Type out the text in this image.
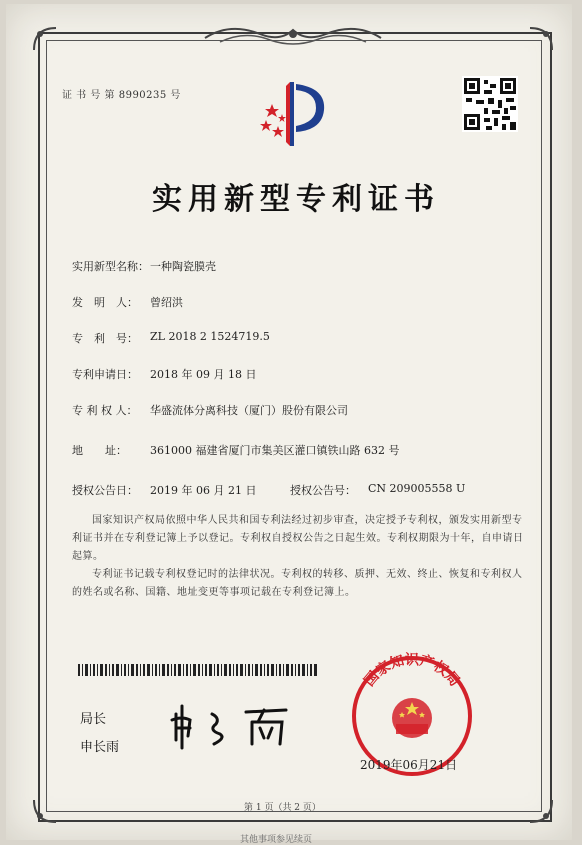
证 书 号 第 8990235 号
实用新型专利证书
实用新型名称： 一种陶瓷膜壳
发　明　人： 曾绍洪
专　利　号： ZL 2018 2 1524719.5
专利申请日： 2018 年 09 月 18 日
专 利 权 人： 华盛流体分离科技（厦门）股份有限公司
地　　址： 361000 福建省厦门市集美区灌口镇铁山路 632 号
授权公告日： 2019 年 06 月 21 日	授权公告号： CN 209005558 U
国家知识产权局依照中华人民共和国专利法经过初步审查，决定授予专利权，颁发实用新型专利证书并在专利登记簿上予以登记。专利权自授权公告之日起生效。专利权期限为十年，自申请日起算。
专利证书记载专利权登记时的法律状况。专利权的转移、质押、无效、终止、恢复和专利权人的姓名或名称、国籍、地址变更等事项记载在专利登记簿上。
局长
申长雨
国家知识产权局
2019年06月21日
第 1 页（共 2 页）
其他事项参见续页
